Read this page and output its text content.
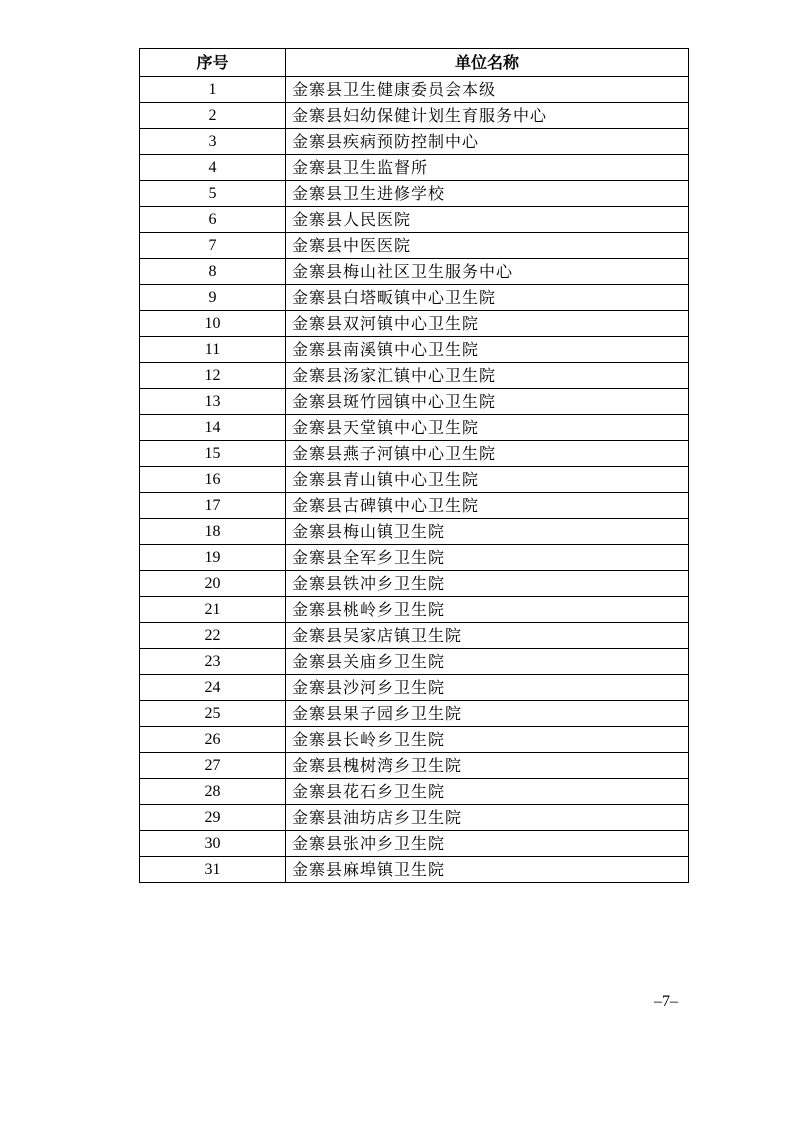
序号	单位名称
1	金寨县卫生健康委员会本级
2	金寨县妇幼保健计划生育服务中心
3	金寨县疾病预防控制中心
4	金寨县卫生监督所
5	金寨县卫生进修学校
6	金寨县人民医院
7	金寨县中医医院
8	金寨县梅山社区卫生服务中心
9	金寨县白塔畈镇中心卫生院
10	金寨县双河镇中心卫生院
11	金寨县南溪镇中心卫生院
12	金寨县汤家汇镇中心卫生院
13	金寨县斑竹园镇中心卫生院
14	金寨县天堂镇中心卫生院
15	金寨县燕子河镇中心卫生院
16	金寨县青山镇中心卫生院
17	金寨县古碑镇中心卫生院
18	金寨县梅山镇卫生院
19	金寨县全军乡卫生院
20	金寨县铁冲乡卫生院
21	金寨县桃岭乡卫生院
22	金寨县吴家店镇卫生院
23	金寨县关庙乡卫生院
24	金寨县沙河乡卫生院
25	金寨县果子园乡卫生院
26	金寨县长岭乡卫生院
27	金寨县槐树湾乡卫生院
28	金寨县花石乡卫生院
29	金寨县油坊店乡卫生院
30	金寨县张冲乡卫生院
31	金寨县麻埠镇卫生院
–7–
